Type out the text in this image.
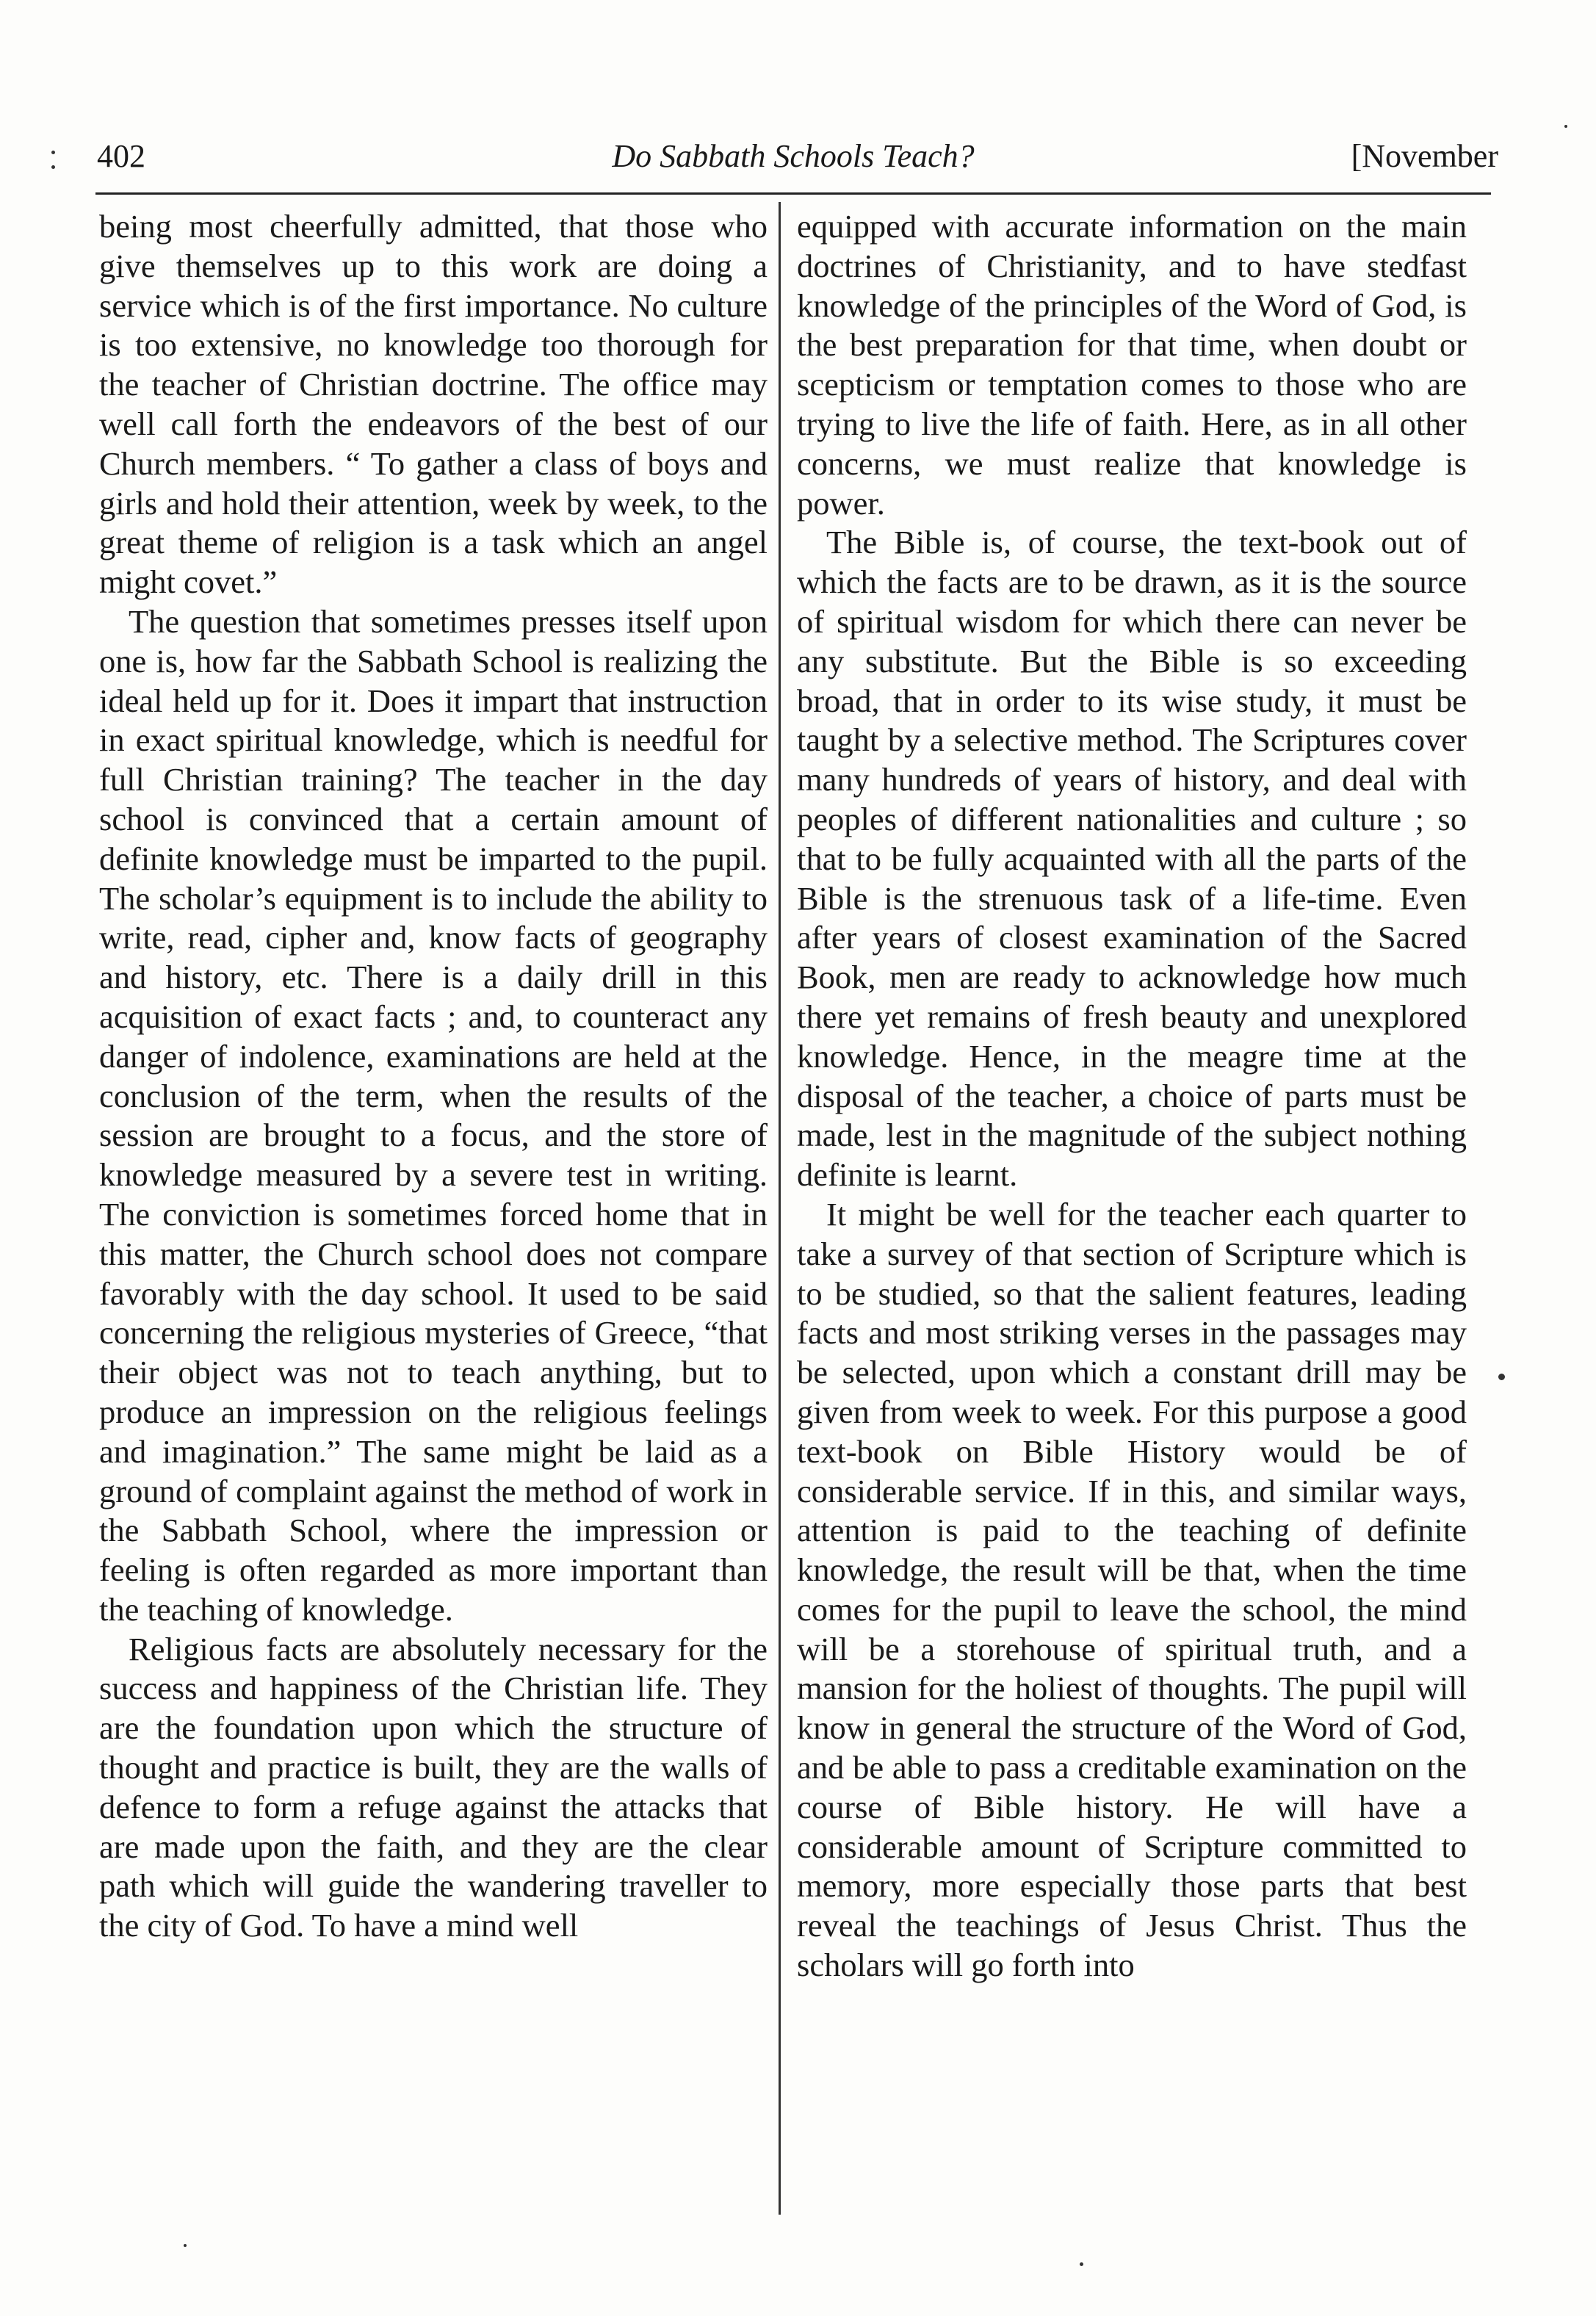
402	Do Sabbath Schools Teach?	[November

being most cheerfully admitted, that those who give themselves up to this work are doing a service which is of the first importance. No culture is too extensive, no knowledge too thorough for the teacher of Christian doctrine. The office may well call forth the endeavors of the best of our Church members. “ To gather a class of boys and girls and hold their attention, week by week, to the great theme of religion is a task which an angel might covet.”

The question that sometimes presses itself upon one is, how far the Sabbath School is realizing the ideal held up for it. Does it impart that instruction in exact spiritual knowledge, which is needful for full Christian training? The teacher in the day school is convinced that a certain amount of definite knowledge must be imparted to the pupil. The scholar’s equipment is to include the ability to write, read, cipher and, know facts of geography and history, etc. There is a daily drill in this acquisition of exact facts ; and, to counteract any danger of indolence, examinations are held at the conclusion of the term, when the results of the session are brought to a focus, and the store of knowledge measured by a severe test in writing. The conviction is sometimes forced home that in this matter, the Church school does not compare favorably with the day school. It used to be said concerning the religious mysteries of Greece, “that their object was not to teach anything, but to produce an impression on the religious feelings and imagination.” The same might be laid as a ground of complaint against the method of work in the Sabbath School, where the impression or feeling is often regarded as more important than the teaching of knowledge.

Religious facts are absolutely necessary for the success and happiness of the Christian life. They are the foundation upon which the structure of thought and practice is built, they are the walls of defence to form a refuge against the attacks that are made upon the faith, and they are the clear path which will guide the wandering traveller to the city of God. To have a mind well

equipped with accurate information on the main doctrines of Christianity, and to have stedfast knowledge of the principles of the Word of God, is the best preparation for that time, when doubt or scepticism or temptation comes to those who are trying to live the life of faith. Here, as in all other concerns, we must realize that knowledge is power.

The Bible is, of course, the text-book out of which the facts are to be drawn, as it is the source of spiritual wisdom for which there can never be any substitute. But the Bible is so exceeding broad, that in order to its wise study, it must be taught by a selective method. The Scriptures cover many hundreds of years of history, and deal with peoples of different nationalities and culture ; so that to be fully acquainted with all the parts of the Bible is the strenuous task of a life-time. Even after years of closest examination of the Sacred Book, men are ready to acknowledge how much there yet remains of fresh beauty and unexplored knowledge. Hence, in the meagre time at the disposal of the teacher, a choice of parts must be made, lest in the magnitude of the subject nothing definite is learnt.

It might be well for the teacher each quarter to take a survey of that section of Scripture which is to be studied, so that the salient features, leading facts and most striking verses in the passages may be selected, upon which a constant drill may be given from week to week. For this purpose a good text-book on Bible History would be of considerable service. If in this, and similar ways, attention is paid to the teaching of definite knowledge, the result will be that, when the time comes for the pupil to leave the school, the mind will be a storehouse of spiritual truth, and a mansion for the holiest of thoughts. The pupil will know in general the structure of the Word of God, and be able to pass a creditable examination on the course of Bible history. He will have a considerable amount of Scripture committed to memory, more especially those parts that best reveal the teachings of Jesus Christ. Thus the scholars will go forth into
